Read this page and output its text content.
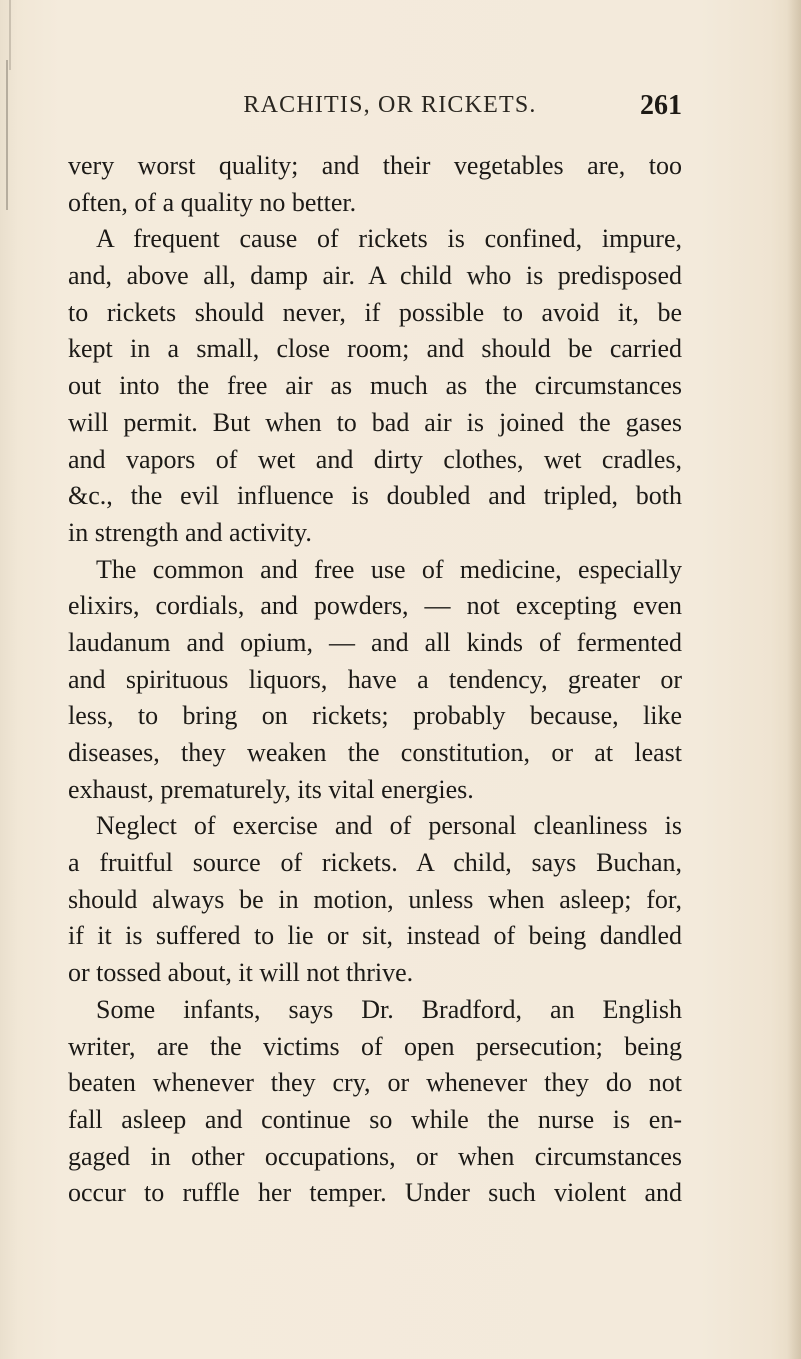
RACHITIS, OR RICKETS.	261
very worst quality; and their vegetables are, too
often, of a quality no better.
A frequent cause of rickets is confined, impure,
and, above all, damp air. A child who is predisposed
to rickets should never, if possible to avoid it, be
kept in a small, close room; and should be carried
out into the free air as much as the circumstances
will permit. But when to bad air is joined the gases
and vapors of wet and dirty clothes, wet cradles,
&c., the evil influence is doubled and tripled, both
in strength and activity.
The common and free use of medicine, especially
elixirs, cordials, and powders, — not excepting even
laudanum and opium, — and all kinds of fermented
and spirituous liquors, have a tendency, greater or
less, to bring on rickets; probably because, like
diseases, they weaken the constitution, or at least
exhaust, prematurely, its vital energies.
Neglect of exercise and of personal cleanliness is
a fruitful source of rickets. A child, says Buchan,
should always be in motion, unless when asleep; for,
if it is suffered to lie or sit, instead of being dandled
or tossed about, it will not thrive.
Some infants, says Dr. Bradford, an English
writer, are the victims of open persecution; being
beaten whenever they cry, or whenever they do not
fall asleep and continue so while the nurse is en-
gaged in other occupations, or when circumstances
occur to ruffle her temper. Under such violent and
